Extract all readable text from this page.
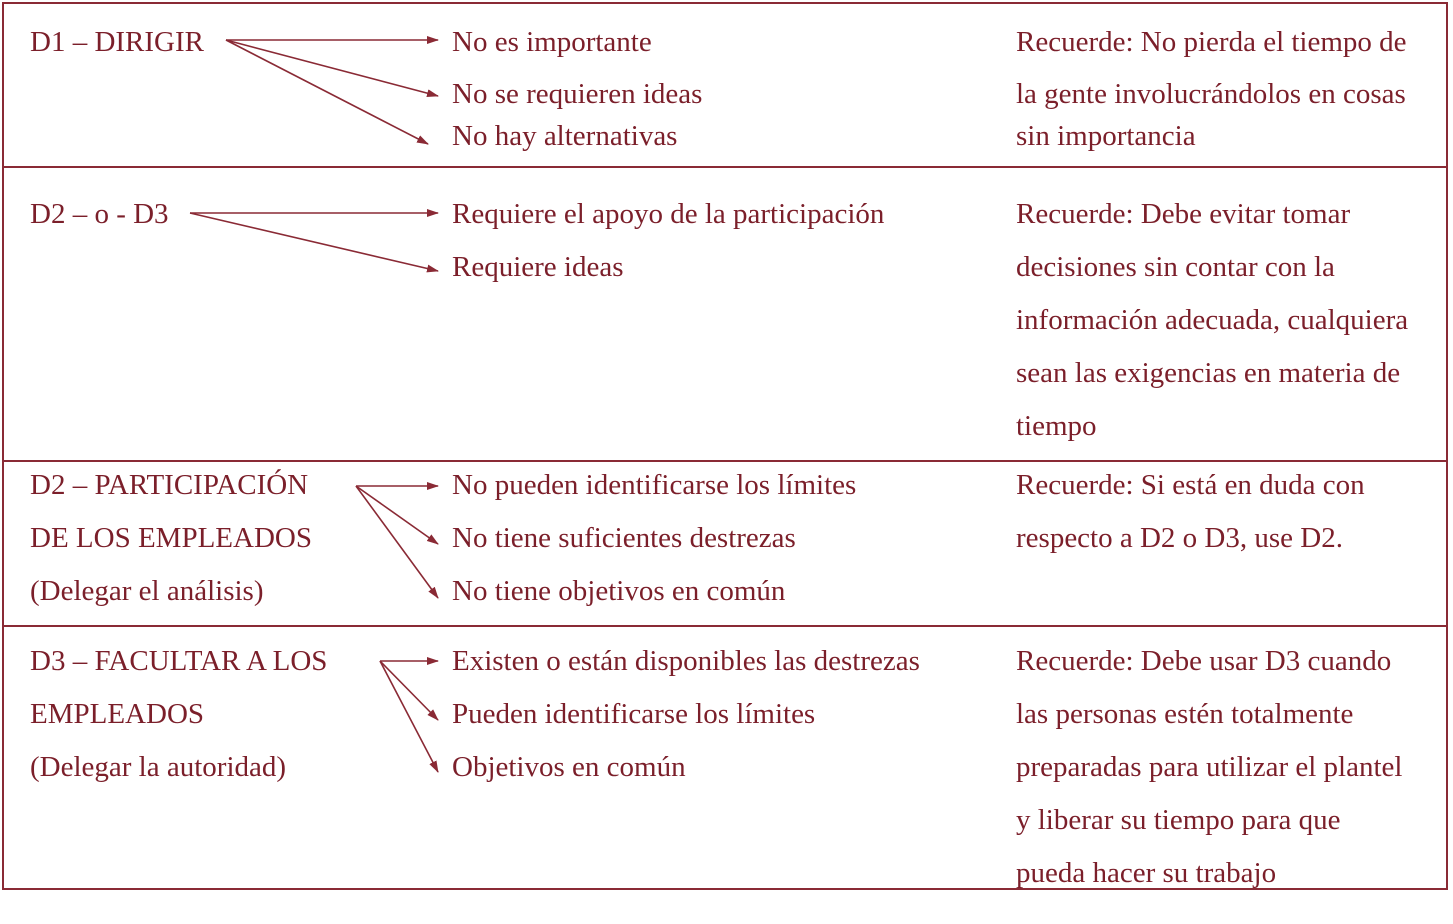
D1 – DIRIGIR	No es importante
No se requieren ideas
No hay alternativas
Recuerde: No pierda el tiempo de
la gente involucrándolos en cosas
sin importancia
D2 – o - D3	Requiere el apoyo de la participación
Requiere ideas
Recuerde: Debe evitar tomar
decisiones sin contar con la
información adecuada, cualquiera
sean las exigencias en materia de
tiempo
D2 – PARTICIPACIÓN
DE LOS EMPLEADOS
(Delegar el análisis)
No pueden identificarse los límites
No tiene suficientes destrezas
No tiene objetivos en común
Recuerde: Si está en duda con
respecto a D2 o D3, use D2.
D3 – FACULTAR A LOS
EMPLEADOS
(Delegar la autoridad)
Existen o están disponibles las destrezas
Pueden identificarse los límites
Objetivos en común
Recuerde: Debe usar D3 cuando
las personas estén totalmente
preparadas para utilizar el plantel
y liberar su tiempo para que
pueda hacer su trabajo
